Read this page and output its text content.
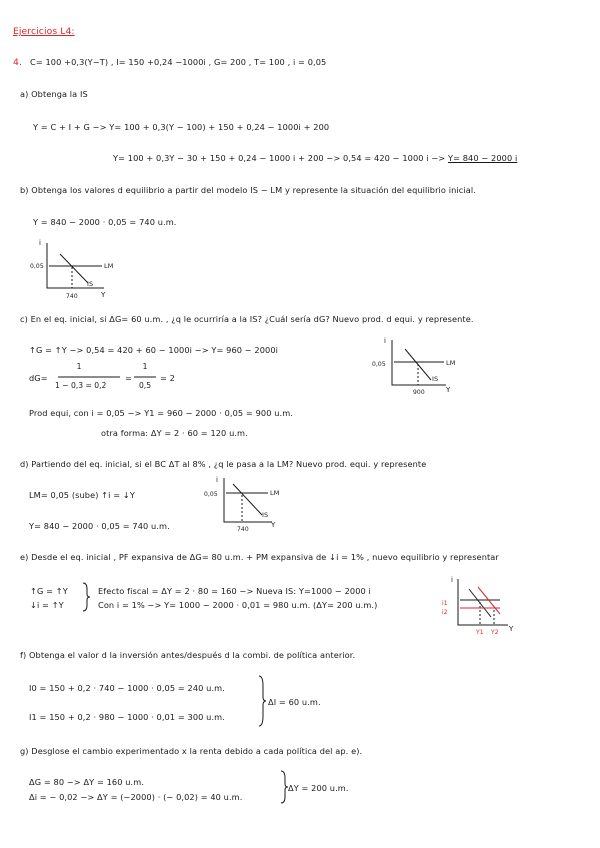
Ejercicios L4:
4. C= 100 +0,3(Y−T) , I= 150 +0,24 −1000i , G= 200 , T= 100 , i = 0,05
a) Obtenga la IS
Y = C + I + G −> Y= 100 + 0,3(Y − 100) + 150 + 0,24 − 1000i + 200
Y= 100 + 0,3Y − 30 + 150 + 0,24 − 1000 i + 200 −> 0,54 = 420 − 1000 i −> Y= 840 − 2000 i
b) Obtenga los valores d equilibrio a partir del modelo IS − LM y represente la situación del equilibrio inicial.
Y = 840 − 2000 · 0,05 = 740 u.m.
i
0,05	LM
IS
740	Y
c) En el eq. inicial, si ΔG= 60 u.m. , ¿q le ocurriría a la IS? ¿Cuál sería dG? Nuevo prod. d equi. y represente.
↑G = ↑Y −> 0,54 = 420 + 60 − 1000i −> Y= 960 − 2000i
dG=
1
1 − 0,3 = 0,2
=
1
0,5
= 2
Prod equi, con i = 0,05 −> Y1 = 960 − 2000 · 0,05 = 900 u.m.
otra forma: ΔY = 2 · 60 = 120 u.m.
i
0,05	LM
IS
900	Y
d) Partiendo del eq. inicial, si el BC ΔT al 8% , ¿q le pasa a la LM? Nuevo prod. equi. y represente
LM= 0,05 (sube) ↑i = ↓Y
Y= 840 − 2000 · 0,05 = 740 u.m.
i
0,05	LM
IS
740
Y
e) Desde el eq. inicial , PF expansiva de ΔG= 80 u.m. + PM expansiva de ↓i = 1% , nuevo equilibrio y representar
↑G = ↑Y
↓i = ↑Y
Efecto fiscal = ΔY = 2 · 80 = 160 −> Nueva IS: Y=1000 − 2000 i
Con i = 1% −> Y= 1000 − 2000 · 0,01 = 980 u.m. (ΔY= 200 u.m.)
i
i1
i2
Y1 Y2 Y
f) Obtenga el valor d la inversión antes/después d la combi. de política anterior.
I0 = 150 + 0,2 · 740 − 1000 · 0,05 = 240 u.m.
I1 = 150 + 0,2 · 980 − 1000 · 0,01 = 300 u.m.
ΔI = 60 u.m.
g) Desglose el cambio experimentado x la renta debido a cada política del ap. e).
ΔG = 80 −> ΔY = 160 u.m.
Δi = − 0,02 −> ΔY = (−2000) · (− 0,02) = 40 u.m.
ΔY = 200 u.m.
